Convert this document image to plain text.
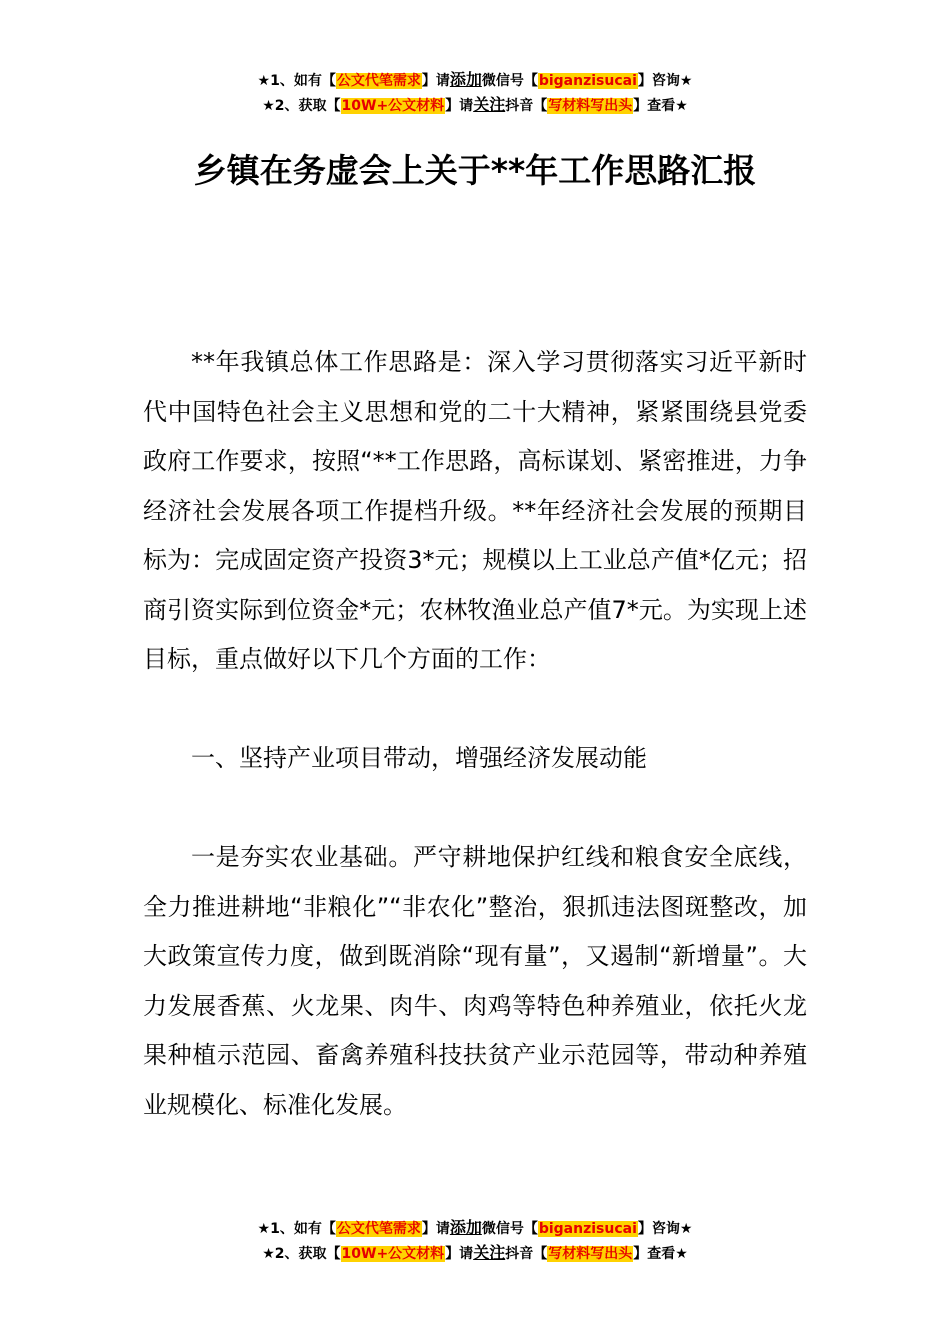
★1、如有【公文代笔需求】请添加微信号【biganzisucai】咨询★
★2、获取【10W+公文材料】请关注抖音【写材料写出头】查看★
乡镇在务虚会上关于**年工作思路汇报

**年我镇总体工作思路是：深入学习贯彻落实习近平新时代中国特色社会主义思想和党的二十大精神，紧紧围绕县党委政府工作要求，按照“**工作思路，高标谋划、紧密推进，力争经济社会发展各项工作提档升级。**年经济社会发展的预期目标为：完成固定资产投资3*元；规模以上工业总产值*亿元；招商引资实际到位资金*元；农林牧渔业总产值7*元。为实现上述目标，重点做好以下几个方面的工作：

一、坚持产业项目带动，增强经济发展动能

一是夯实农业基础。严守耕地保护红线和粮食安全底线，全力推进耕地“非粮化”“非农化”整治，狠抓违法图斑整改，加大政策宣传力度，做到既消除“现有量”，又遏制“新增量”。大力发展香蕉、火龙果、肉牛、肉鸡等特色种养殖业，依托火龙果种植示范园、畜禽养殖科技扶贫产业示范园等，带动种养殖业规模化、标准化发展。

★1、如有【公文代笔需求】请添加微信号【biganzisucai】咨询★
★2、获取【10W+公文材料】请关注抖音【写材料写出头】查看★
